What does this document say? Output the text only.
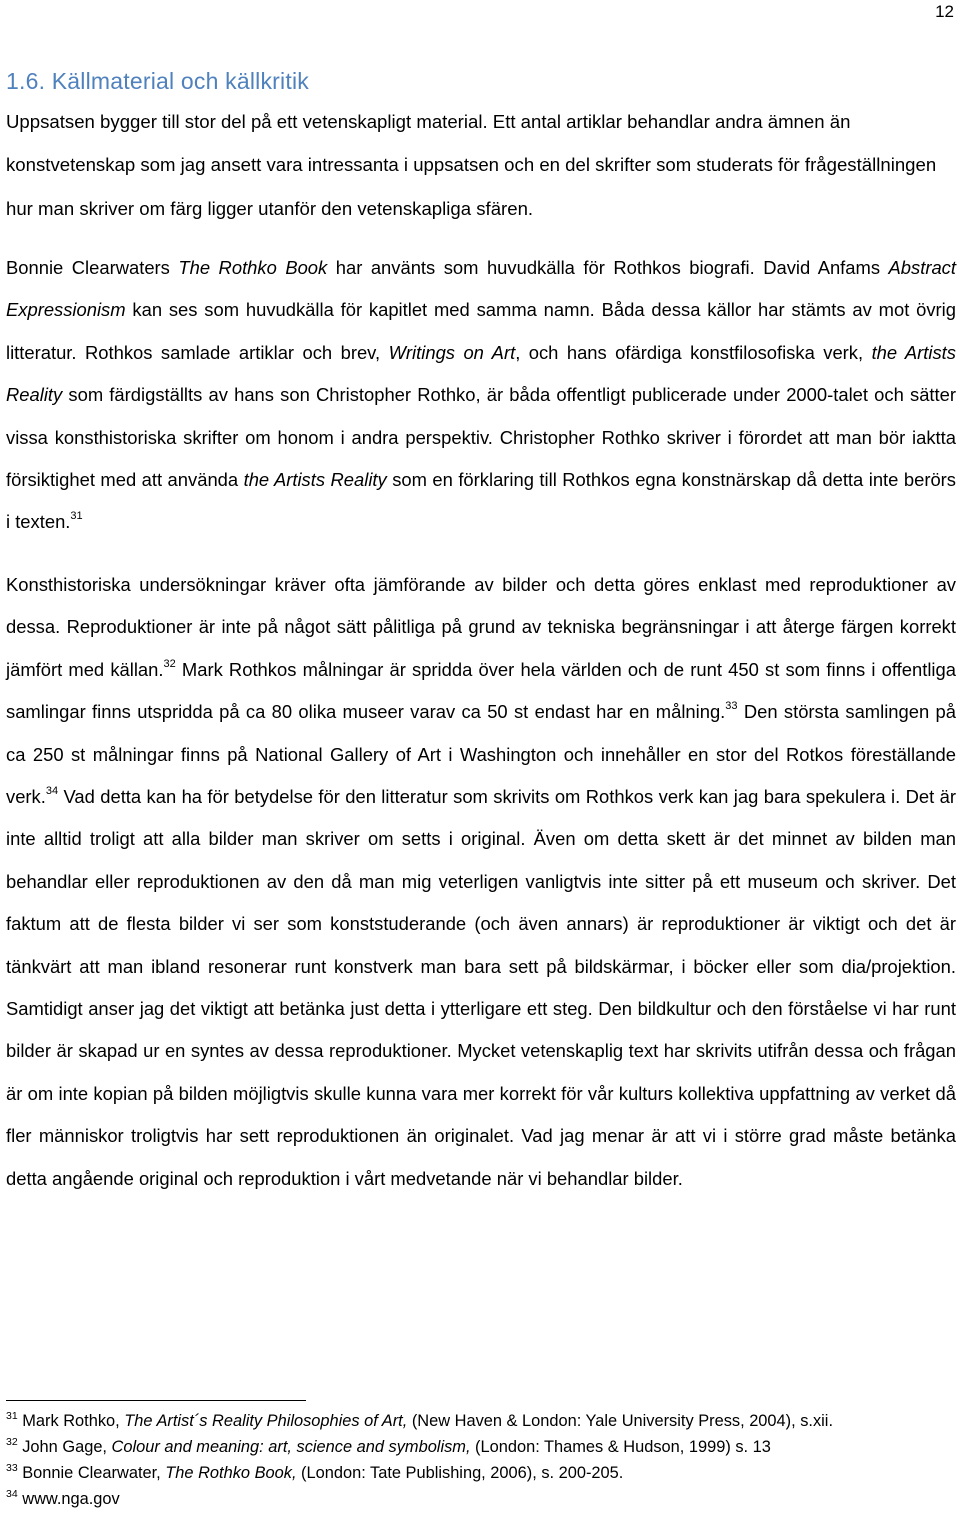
12
1.6. Källmaterial och källkritik

Uppsatsen bygger till stor del på ett vetenskapligt material. Ett antal artiklar behandlar andra ämnen än konstvetenskap som jag ansett vara intressanta i uppsatsen och en del skrifter som studerats för frågeställningen hur man skriver om färg ligger utanför den vetenskapliga sfären.

Bonnie Clearwaters The Rothko Book har använts som huvudkälla för Rothkos biografi. David Anfams Abstract Expressionism kan ses som huvudkälla för kapitlet med samma namn. Båda dessa källor har stämts av mot övrig litteratur. Rothkos samlade artiklar och brev, Writings on Art, och hans ofärdiga konstfilosofiska verk, the Artists Reality som färdigställts av hans son Christopher Rothko, är båda offentligt publicerade under 2000-talet och sätter vissa konsthistoriska skrifter om honom i andra perspektiv. Christopher Rothko skriver i förordet att man bör iaktta försiktighet med att använda the Artists Reality som en förklaring till Rothkos egna konstnärskap då detta inte berörs i texten.$^{31}$

Konsthistoriska undersökningar kräver ofta jämförande av bilder och detta göres enklast med reproduktioner av dessa. Reproduktioner är inte på något sätt pålitliga på grund av tekniska begränsningar i att återge färgen korrekt jämfört med källan.$^{32}$ Mark Rothkos målningar är spridda över hela världen och de runt 450 st som finns i offentliga samlingar finns utspridda på ca 80 olika museer varav ca 50 st endast har en målning.$^{33}$ Den största samlingen på ca 250 st målningar finns på National Gallery of Art i Washington och innehåller en stor del Rotkos föreställande verk.$^{34}$ Vad detta kan ha för betydelse för den litteratur som skrivits om Rothkos verk kan jag bara spekulera i. Det är inte alltid troligt att alla bilder man skriver om setts i original. Även om detta skett är det minnet av bilden man behandlar eller reproduktionen av den då man mig veterligen vanligtvis inte sitter på ett museum och skriver. Det faktum att de flesta bilder vi ser som konststuderande (och även annars) är reproduktioner är viktigt och det är tänkvärt att man ibland resonerar runt konstverk man bara sett på bildskärmar, i böcker eller som dia/projektion. Samtidigt anser jag det viktigt att betänka just detta i ytterligare ett steg. Den bildkultur och den förståelse vi har runt bilder är skapad ur en syntes av dessa reproduktioner. Mycket vetenskaplig text har skrivits utifrån dessa och frågan är om inte kopian på bilden möjligtvis skulle kunna vara mer korrekt för vår kulturs kollektiva uppfattning av verket då fler människor troligtvis har sett reproduktionen än originalet. Vad jag menar är att vi i större grad måste betänka detta angående original och reproduktion i vårt medvetande när vi behandlar bilder.

$^{31}$ Mark Rothko, The Artist´s Reality Philosophies of Art, (New Haven & London: Yale University Press, 2004), s.xii.

$^{32}$ John Gage, Colour and meaning: art, science and symbolism, (London: Thames & Hudson, 1999) s. 13

$^{33}$ Bonnie Clearwater, The Rothko Book, (London: Tate Publishing, 2006), s. 200-205.

$^{34}$ www.nga.gov
